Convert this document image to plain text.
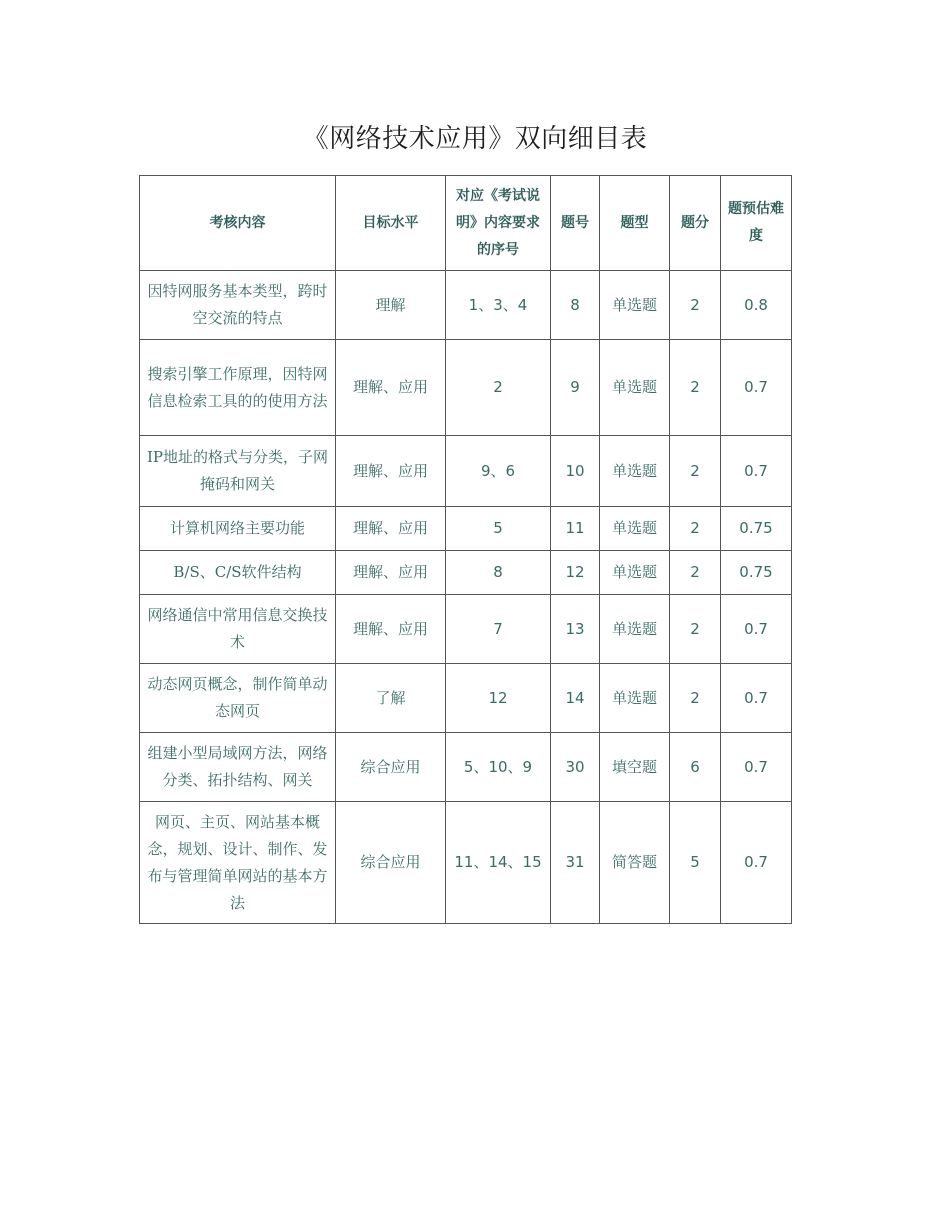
《网络技术应用》双向细目表
考核内容	目标水平	对应《考试说明》内容要求的序号	题号	题型	题分	题预估难度
因特网服务基本类型，跨时空交流的特点	理解	1、3、4	8	单选题	2	0.8
搜索引擎工作原理，因特网信息检索工具的的使用方法	理解、应用	2	9	单选题	2	0.7
IP地址的格式与分类，子网掩码和网关	理解、应用	9、6	10	单选题	2	0.7
计算机网络主要功能	理解、应用	5	11	单选题	2	0.75
B/S、C/S软件结构	理解、应用	8	12	单选题	2	0.75
网络通信中常用信息交换技术	理解、应用	7	13	单选题	2	0.7
动态网页概念，制作简单动态网页	了解	12	14	单选题	2	0.7
组建小型局域网方法，网络分类、拓扑结构、网关	综合应用	5、10、9	30	填空题	6	0.7
网页、主页、网站基本概念，规划、设计、制作、发布与管理简单网站的基本方法	综合应用	11、14、15	31	简答题	5	0.7
